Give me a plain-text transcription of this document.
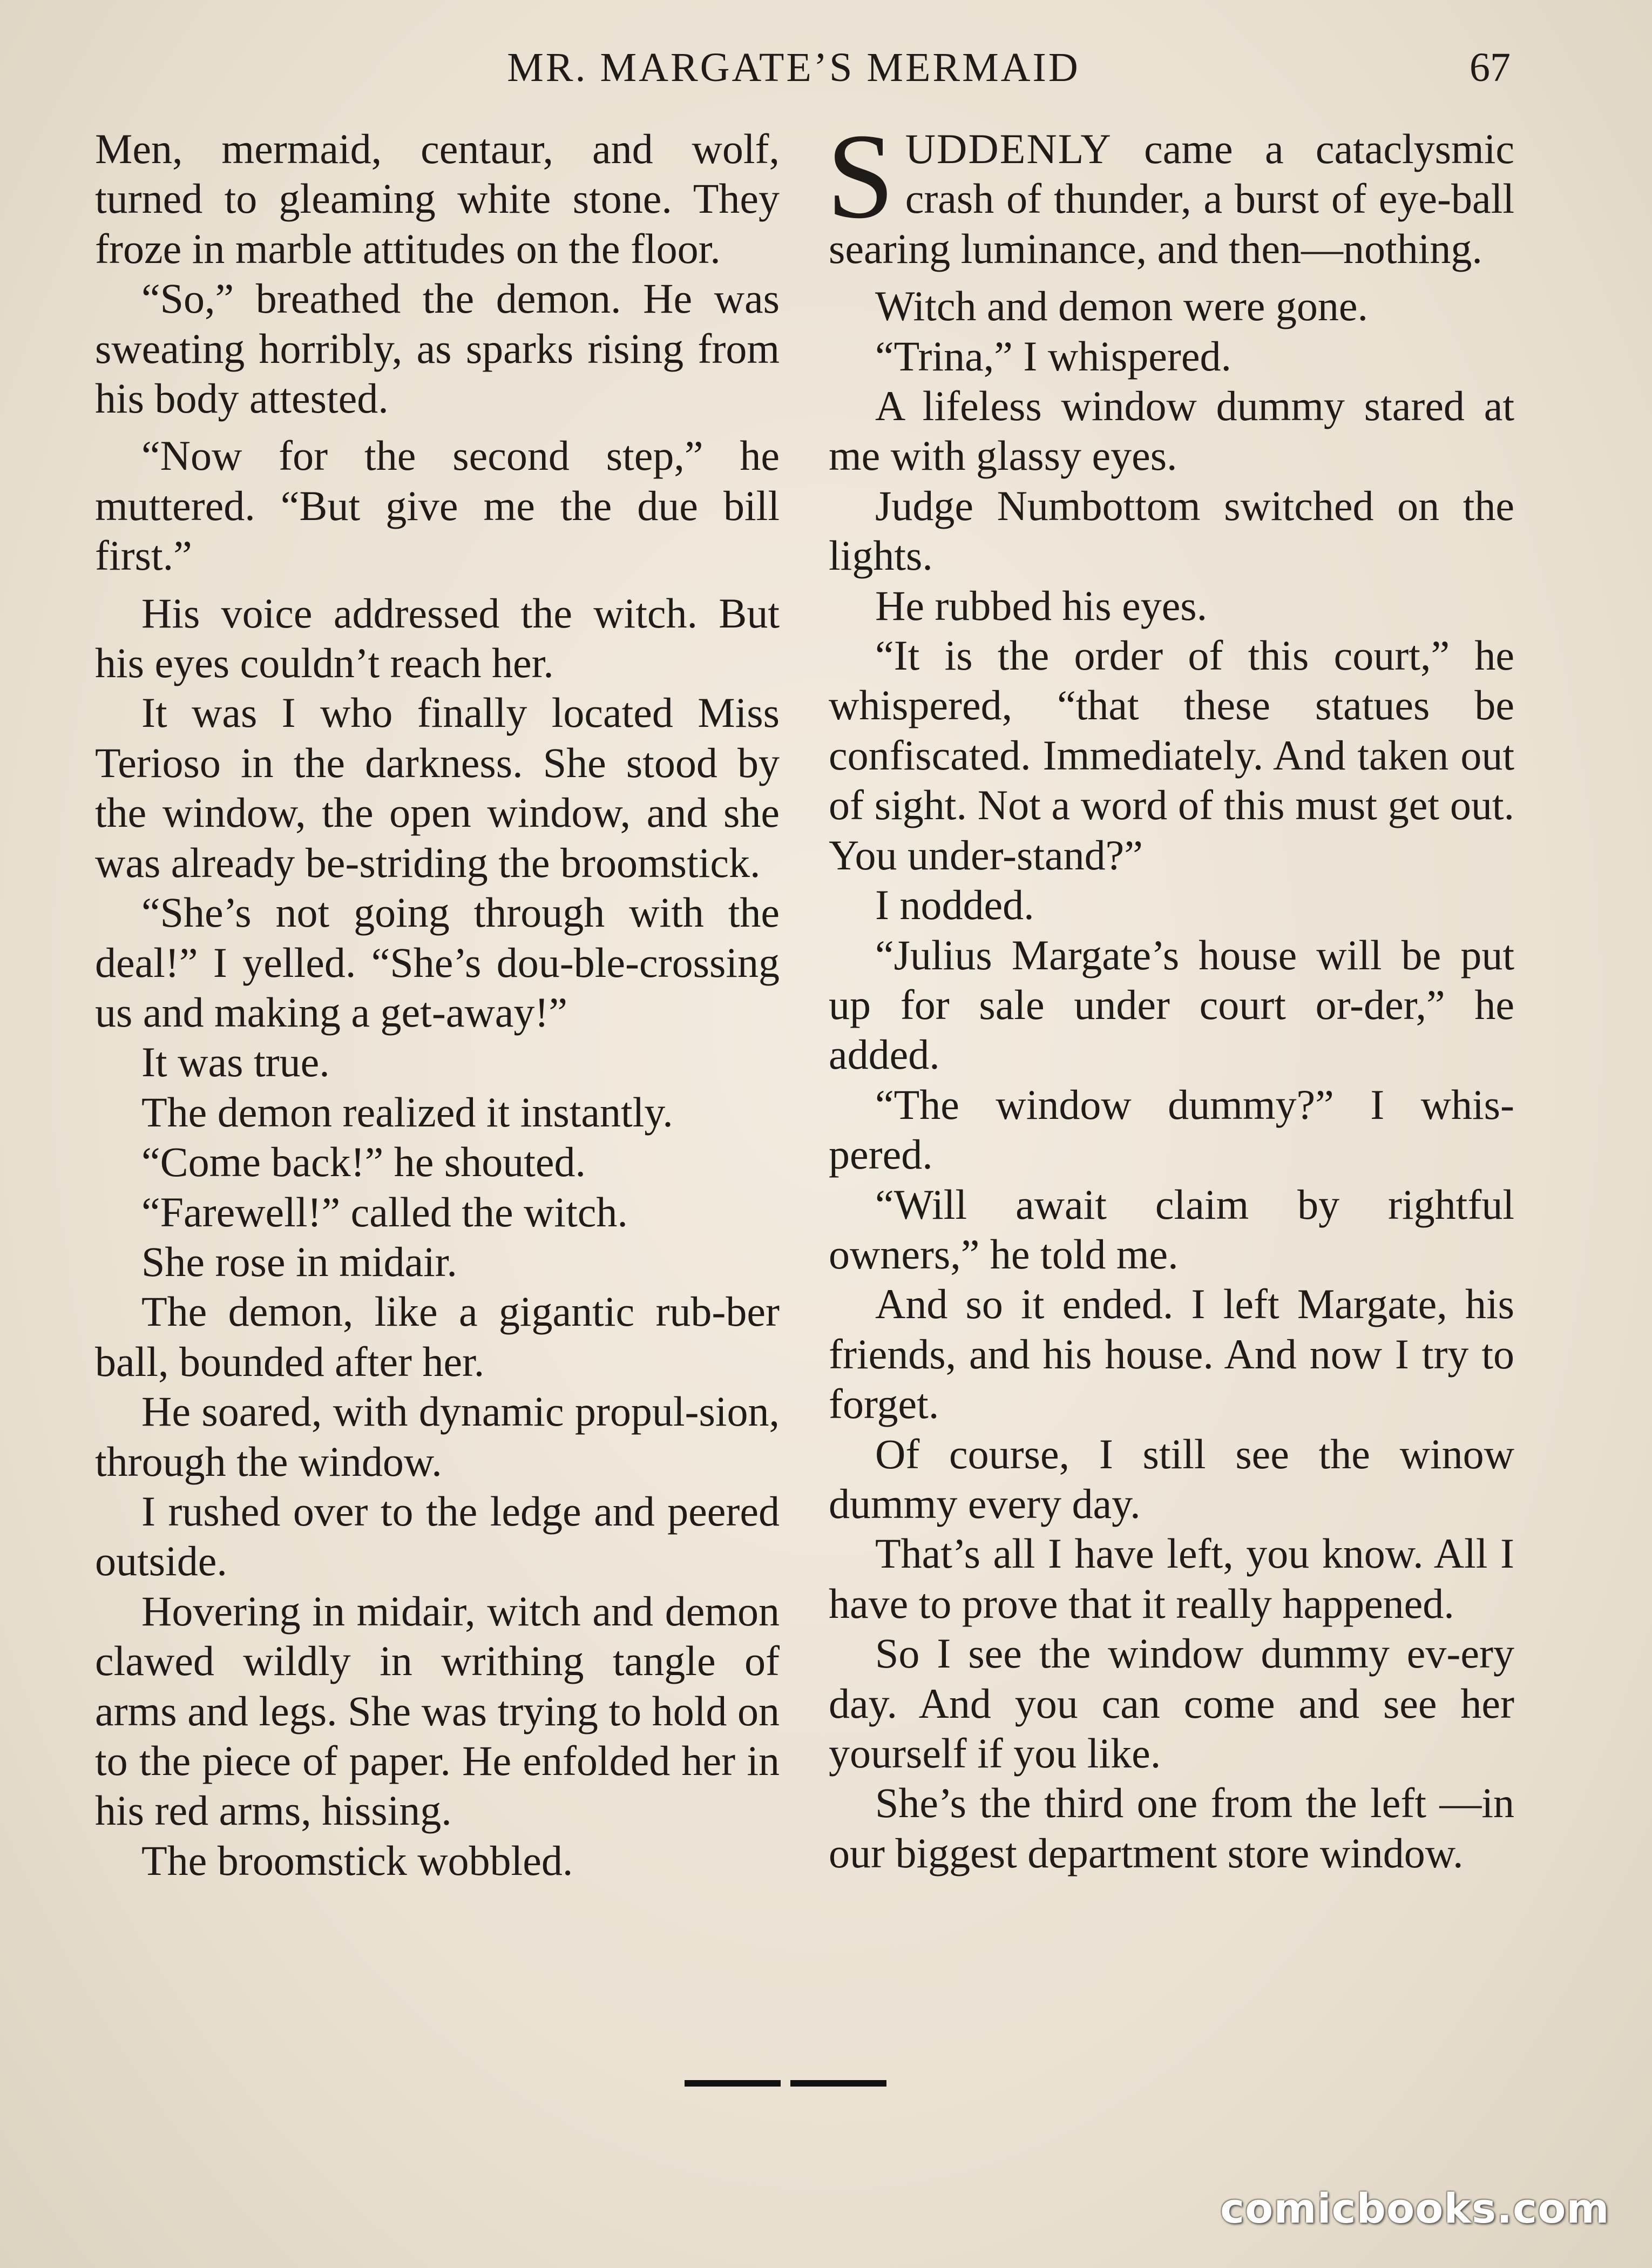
MR. MARGATE’S MERMAID	67

Men, mermaid, centaur, and wolf, turned to gleaming white stone. They froze in marble attitudes on the floor.

“So,” breathed the demon. He was sweating horribly, as sparks rising from his body attested.

“Now for the second step,” he muttered. “But give me the due bill first.”

His voice addressed the witch. But his eyes couldn’t reach her.

It was I who finally located Miss Terioso in the darkness. She stood by the window, the open window, and she was already be-striding the broomstick.

“She’s not going through with the deal!” I yelled. “She’s dou-ble-crossing us and making a get-away!”

It was true.

The demon realized it instantly.

“Come back!” he shouted.

“Farewell!” called the witch.

She rose in midair.

The demon, like a gigantic rub-ber ball, bounded after her.

He soared, with dynamic propul-sion, through the window.

I rushed over to the ledge and peered outside.

Hovering in midair, witch and demon clawed wildly in writhing tangle of arms and legs. She was trying to hold on to the piece of paper. He enfolded her in his red arms, hissing.

The broomstick wobbled.

SUDDENLY came a cataclysmic crash of thunder, a burst of eye-ball searing luminance, and then—nothing.

Witch and demon were gone.

“Trina,” I whispered.

A lifeless window dummy stared at me with glassy eyes.

Judge Numbottom switched on the lights.

He rubbed his eyes.

“It is the order of this court,” he whispered, “that these statues be confiscated. Immediately. And taken out of sight. Not a word of this must get out. You under-stand?”

I nodded.

“Julius Margate’s house will be put up for sale under court or-der,” he added.

“The window dummy?” I whis-pered.

“Will await claim by rightful owners,” he told me.

And so it ended. I left Margate, his friends, and his house. And now I try to forget.

Of course, I still see the winow dummy every day.

That’s all I have left, you know. All I have to prove that it really happened.

So I see the window dummy ev-ery day. And you can come and see her yourself if you like.

She’s the third one from the left —in our biggest department store window.

comicbooks.com
